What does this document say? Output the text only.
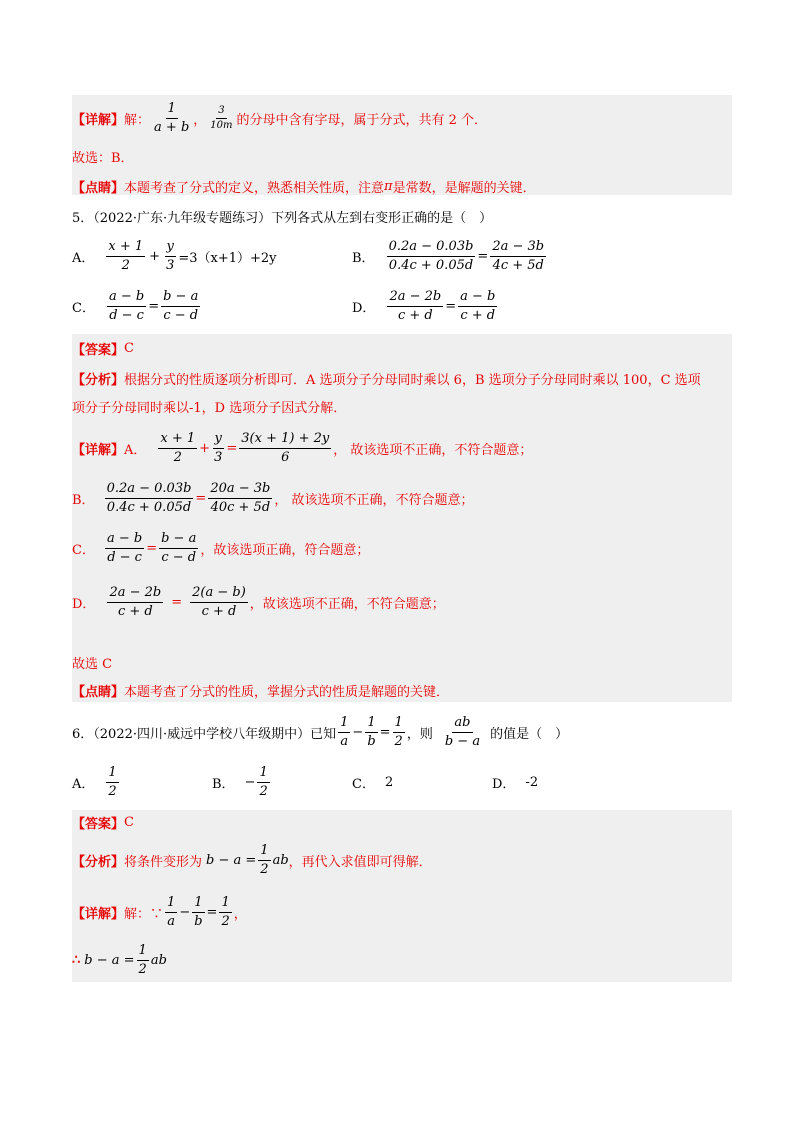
【详解】 解： $\frac{1}{a + b}$ ， $\frac{3}{10m}$ 的分母中含有字母，属于分式，共有 2 个．
故选：B．
【点睛】 本题考查了分式的定义，熟悉相关性质，注意 π 是常数，是解题的关键．
5．（2022·广东·九年级专题练习）下列各式从左到右变形正确的是（　）
A． $\frac{x + 1}{2} + \frac{y}{3} =3(x+1)+2y$	B． $\frac{0.2a - 0.03b}{0.4c + 0.05d} = \frac{2a - 3b}{4c + 5d}$
C． $\frac{a - b}{d - c} = \frac{b - a}{c - d}$	D． $\frac{2a - 2b}{c + d} = \frac{a - b}{c + d}$
【答案】 C
【分析】 根据分式的性质逐项分析即可．A 选项分子分母同时乘以 6，B 选项分子分母同时乘以 100，C 选项
项分子分母同时乘以-1，D 选项分子因式分解．
【详解】 A． $\frac{x + 1}{2} + \frac{y}{3} = \frac{3(x + 1) + 2y}{6}$ ， 故该选项不正确，不符合题意；
B． $\frac{0.2a - 0.03b}{0.4c + 0.05d} = \frac{20a - 3b}{40c + 5d}$ ， 故该选项不正确，不符合题意；
C． $\frac{a - b}{d - c} = \frac{b - a}{c - d}$ ，故该选项正确，符合题意；
D． $\frac{2a - 2b}{c + d} = \frac{2(a - b)}{c + d}$ ，故该选项不正确，不符合题意；
故选 C
【点睛】 本题考查了分式的性质，掌握分式的性质是解题的关键．
6．（2022·四川·威远中学校八年级期中）已知 $\frac{1}{a} - \frac{1}{b} = \frac{1}{2}$ ，则 $\frac{ab}{b - a}$ 的值是（　）
A． $\frac{1}{2}$	B． − $\frac{1}{2}$	C． 2	D． -2
【答案】 C
【分析】 将条件变形为 $b - a = \frac{1}{2}$ ab ，再代入求值即可得解．
【详解】 解：∵ $\frac{1}{a} - \frac{1}{b} = \frac{1}{2}$ ，
∴ $b - a = \frac{1}{2}$ ab
